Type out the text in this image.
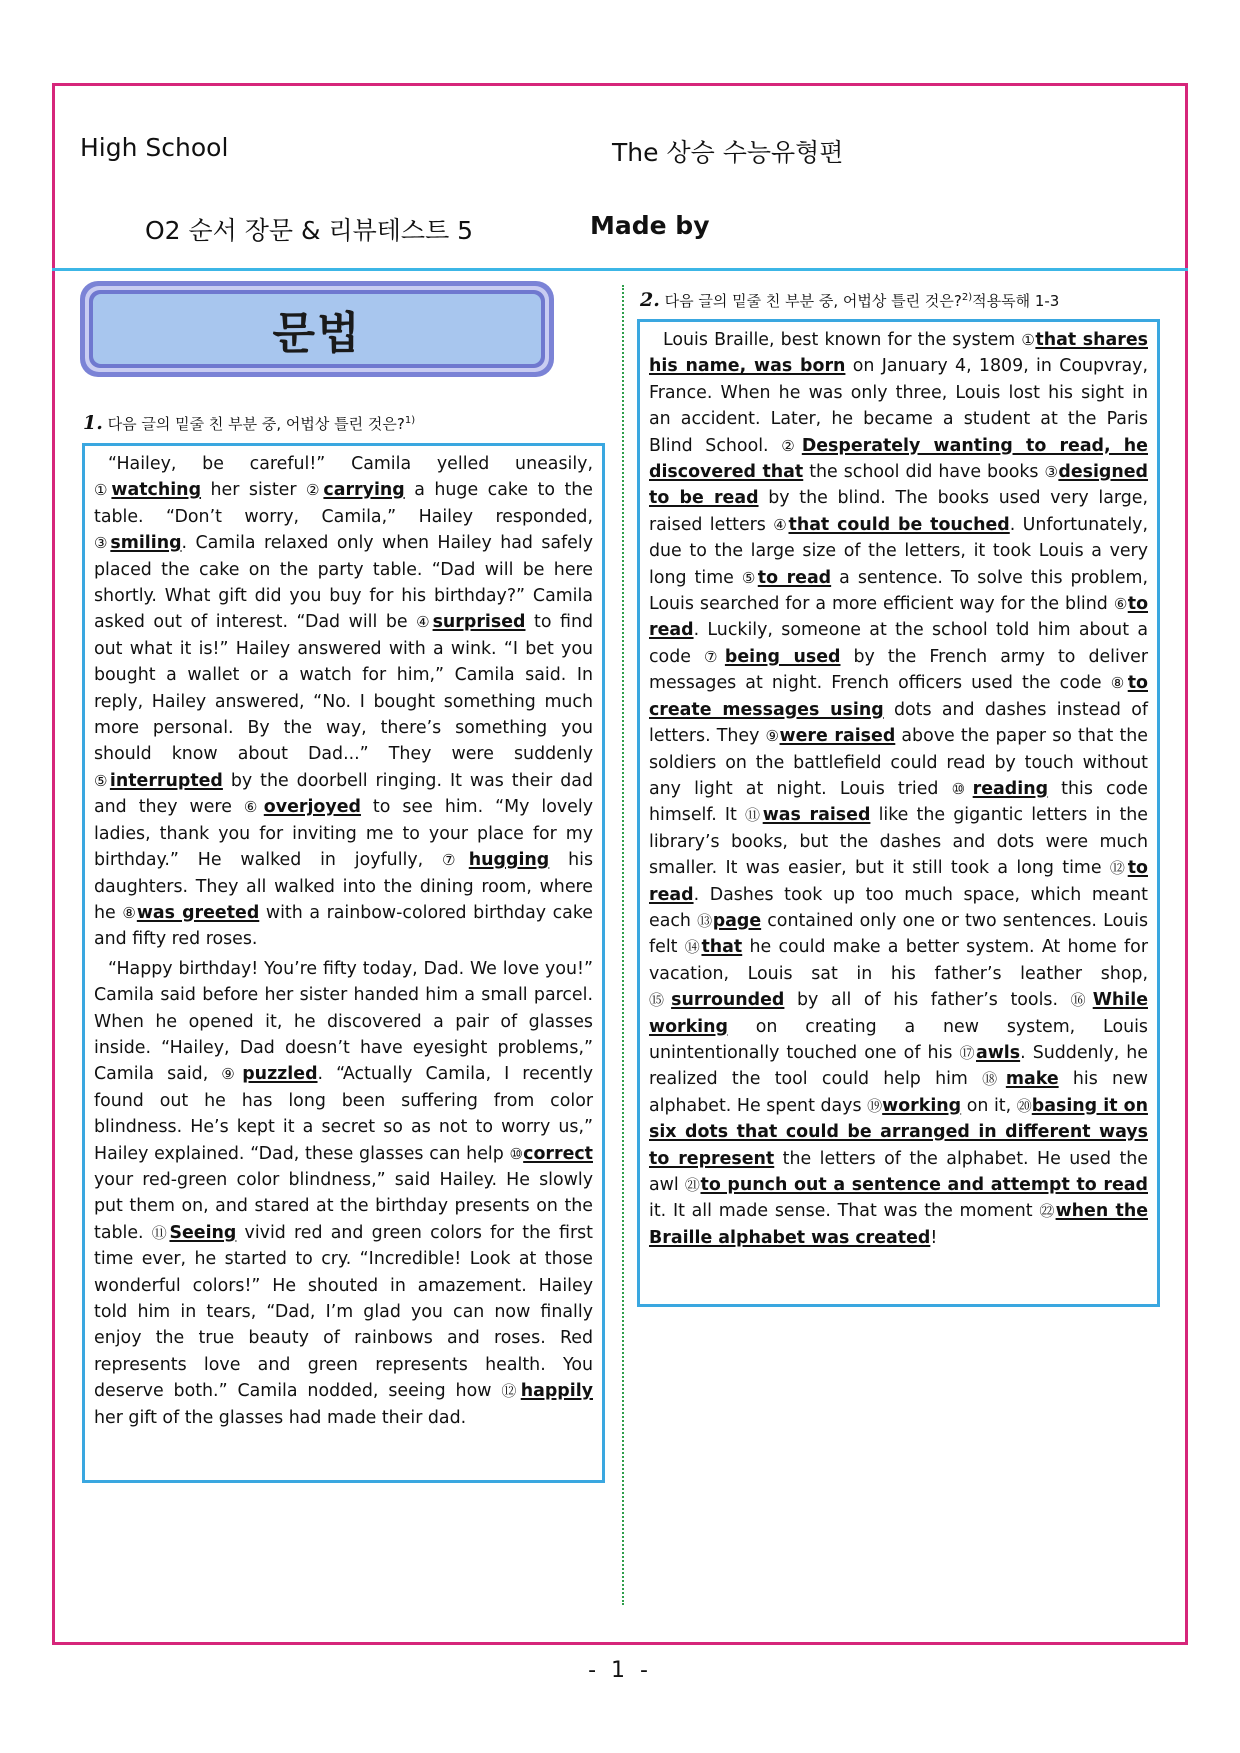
High School	The 상승 수능유형편
O2 순서 장문 & 리뷰테스트 5	Made by
문법
1. 다음 글의 밑줄 친 부분 중, 어법상 틀린 것은?$^{1)}$

“Hailey, be careful!” Camila yelled uneasily, ①watching her sister ②carrying a huge cake to the table. “Don’t worry, Camila,” Hailey responded, ③smiling. Camila relaxed only when Hailey had safely placed the cake on the party table. “Dad will be here shortly. What gift did you buy for his birthday?” Camila asked out of interest. “Dad will be ④surprised to find out what it is!” Hailey answered with a wink. “I bet you bought a wallet or a watch for him,” Camila said. In reply, Hailey answered, “No. I bought something much more personal. By the way, there’s something you should know about Dad...” They were suddenly ⑤interrupted by the doorbell ringing. It was their dad and they were ⑥overjoyed to see him. “My lovely ladies, thank you for inviting me to your place for my birthday.” He walked in joyfully, ⑦hugging his daughters. They all walked into the dining room, where he ⑧was greeted with a rainbow-colored birthday cake and fifty red roses.

“Happy birthday! You’re fifty today, Dad. We love you!” Camila said before her sister handed him a small parcel. When he opened it, he discovered a pair of glasses inside. “Hailey, Dad doesn’t have eyesight problems,” Camila said, ⑨puzzled. “Actually Camila, I recently found out he has long been suffering from color blindness. He’s kept it a secret so as not to worry us,” Hailey explained. “Dad, these glasses can help ⑩correct your red-green color blindness,” said Hailey. He slowly put them on, and stared at the birthday presents on the table. ⑪Seeing vivid red and green colors for the first time ever, he started to cry. “Incredible! Look at those wonderful colors!” He shouted in amazement. Hailey told him in tears, “Dad, I’m glad you can now finally enjoy the true beauty of rainbows and roses. Red represents love and green represents health. You deserve both.” Camila nodded, seeing how ⑫happily her gift of the glasses had made their dad.

2. 다음 글의 밑줄 친 부분 중, 어법상 틀린 것은?$^{2)}$적용독해 1-3

Louis Braille, best known for the system ①that shares his name, was born on January 4, 1809, in Coupvray, France. When he was only three, Louis lost his sight in an accident. Later, he became a student at the Paris Blind School. ②Desperately wanting to read, he discovered that the school did have books ③designed to be read by the blind. The books used very large, raised letters ④that could be touched. Unfortunately, due to the large size of the letters, it took Louis a very long time ⑤to read a sentence. To solve this problem, Louis searched for a more efficient way for the blind ⑥to read. Luckily, someone at the school told him about a code ⑦being used by the French army to deliver messages at night. French officers used the code ⑧to create messages using dots and dashes instead of letters. They ⑨were raised above the paper so that the soldiers on the battlefield could read by touch without any light at night. Louis tried ⑩reading this code himself. It ⑪was raised like the gigantic letters in the library’s books, but the dashes and dots were much smaller. It was easier, but it still took a long time ⑫to read. Dashes took up too much space, which meant each ⑬page contained only one or two sentences. Louis felt ⑭that he could make a better system. At home for vacation, Louis sat in his father’s leather shop, ⑮surrounded by all of his father’s tools. ⑯While working on creating a new system, Louis unintentionally touched one of his ⑰awls. Suddenly, he realized the tool could help him ⑱make his new alphabet. He spent days ⑲working on it, ⑳basing it on six dots that could be arranged in different ways to represent the letters of the alphabet. He used the awl ㉑to punch out a sentence and attempt to read it. It all made sense. That was the moment ㉒when the Braille alphabet was created!

- 1 -
